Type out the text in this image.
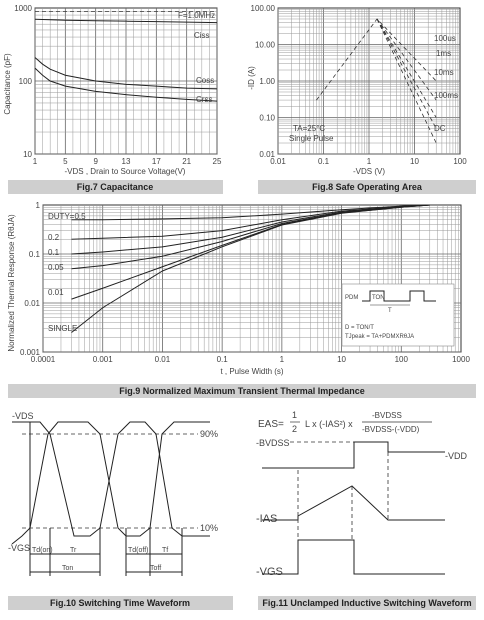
F=1.0MHz
Ciss
Coss
Crss
Capacitance (pF)
-VDS , Drain to Source Voltage(V)
1	5	9	13	17	21	25
10
100
1000
Fig.7 Capacitance
100us
1ms
10ms
100ms
DC
TA=25°C
Single Pulse
-ID (A)
-VDS (V)
0.01	0.1	1	10	100
0.01
0.10
1.00
10.00
100.00
Fig.8 Safe Operating Area
DUTY=0.5
0.2
0.1
0.05
0.01
SINGLE
Normalized Thermal Response (RθJA)
t , Pulse Width (s)
0.0001	0.001	0.01	0.1	1	10	100	1000
0.001
0.01
0.1
1
PDM TON
T
D = TON/T
TJpeak = TA+PDMXRθJA
Fig.9 Normalized Maximum Transient Thermal Impedance
-VDS
-VGS
90%
10%
Td(on) Tr	Td(off) Tf
Ton	Toff
Fig.10 Switching Time Waveform
EAS=
1
2 L x (-IAS²) x
-BVDSS
-BVDSS-(-VDD)
-BVDSS
-VDD
-IAS
-VGS
Fig.11 Unclamped Inductive Switching Waveform
